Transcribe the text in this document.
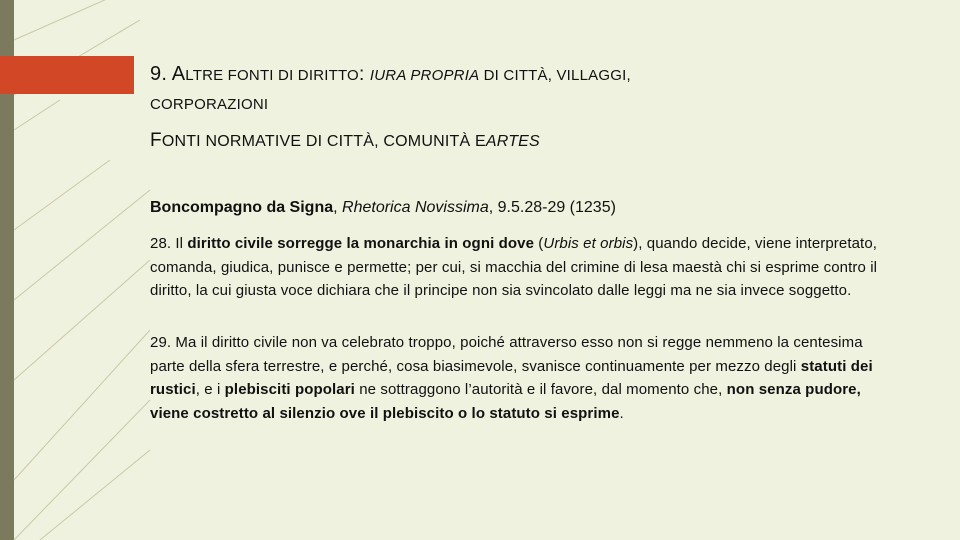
9. ALTRE FONTI DI DIRITTO: IURA PROPRIA DI CITTÀ, VILLAGGI,
CORPORAZIONI
FONTI NORMATIVE DI CITTÀ, COMUNITÀ EARTES
Boncompagno da Signa, Rhetorica Novissima, 9.5.28-29 (1235)
28. Il diritto civile sorregge la monarchia in ogni dove (Urbis et orbis), quando decide, viene interpretato, comanda, giudica, punisce e permette; per cui, si macchia del crimine di lesa maestà chi si esprime contro il diritto, la cui giusta voce dichiara che il principe non sia svincolato dalle leggi ma ne sia invece soggetto.
29. Ma il diritto civile non va celebrato troppo, poiché attraverso esso non si regge nemmeno la centesima parte della sfera terrestre, e perché, cosa biasimevole, svanisce continuamente per mezzo degli statuti dei rustici, e i plebisciti popolari ne sottraggono l’autorità e il favore, dal momento che, non senza pudore, viene costretto al silenzio ove il plebiscito o lo statuto si esprime.
